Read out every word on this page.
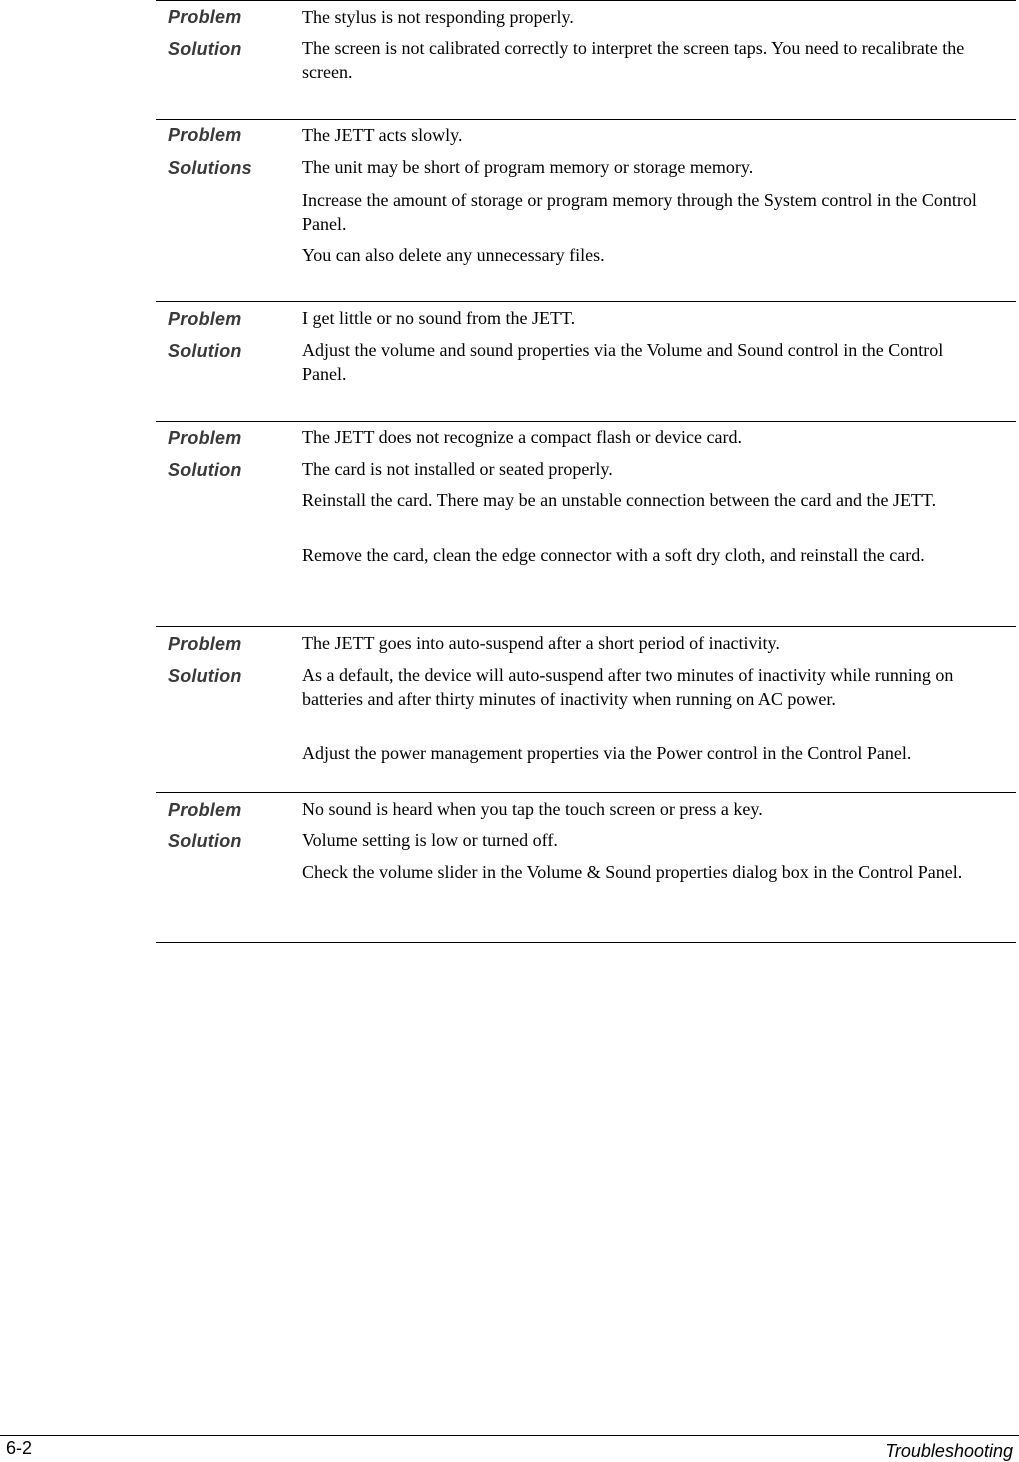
Problem	The stylus is not responding properly.
Solution	The screen is not calibrated correctly to interpret the screen taps. You need to recalibrate the screen.
Problem	The JETT acts slowly.
Solutions	The unit may be short of program memory or storage memory.
Increase the amount of storage or program memory through the System control in the Control Panel.
You can also delete any unnecessary files.
Problem	I get little or no sound from the JETT.
Solution	Adjust the volume and sound properties via the Volume and Sound control in the Control Panel.
Problem	The JETT does not recognize a compact flash or device card.
Solution	The card is not installed or seated properly.
Reinstall the card. There may be an unstable connection between the card and the JETT.
Remove the card, clean the edge connector with a soft dry cloth, and reinstall the card.
Problem	The JETT goes into auto-suspend after a short period of inactivity.
Solution	As a default, the device will auto-suspend after two minutes of inactivity while running on batteries and after thirty minutes of inactivity when running on AC power.
Adjust the power management properties via the Power control in the Control Panel.
Problem	No sound is heard when you tap the touch screen or press a key.
Solution	Volume setting is low or turned off.
Check the volume slider in the Volume & Sound properties dialog box in the Control Panel.
6-2	Troubleshooting
